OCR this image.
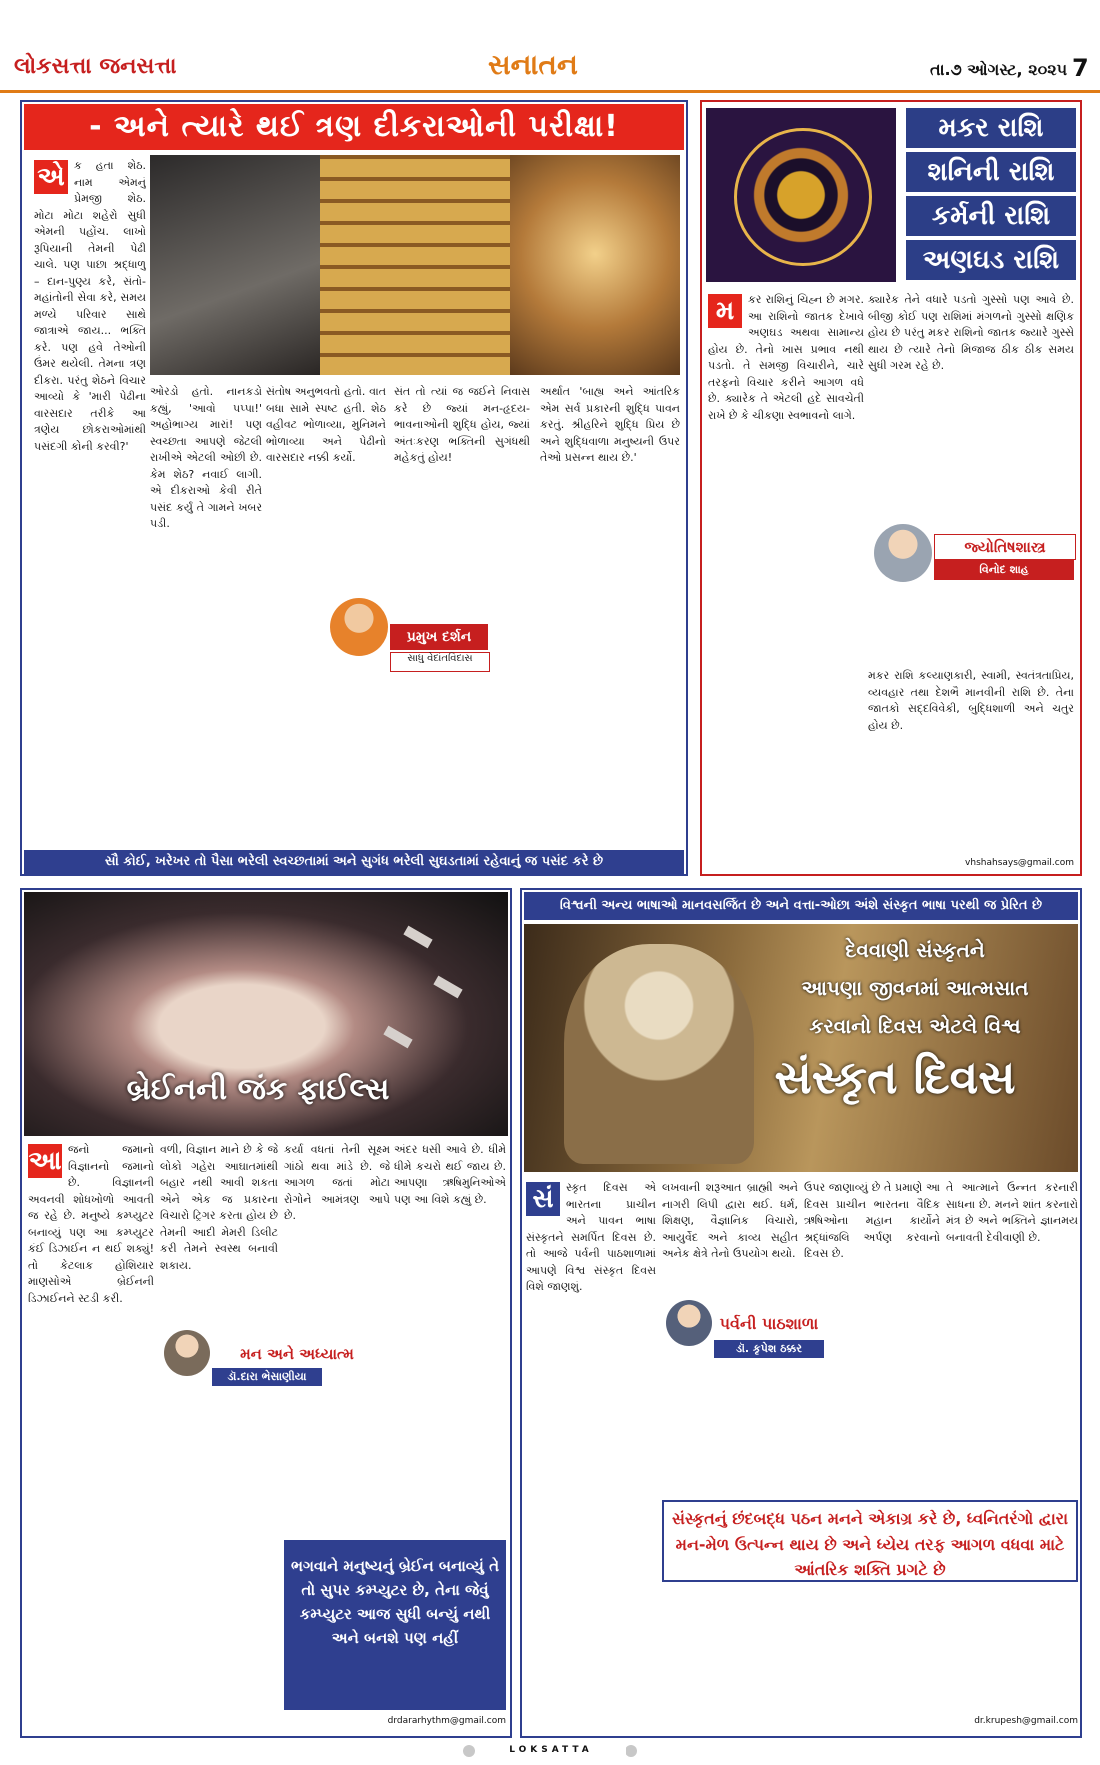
લોકસત્તા જનસત્તા	સનાતન	તા.૭ ઓગસ્ટ, ૨૦૨૫ 7
- અને ત્યારે થઈ ત્રણ દીકરાઓની પરીક્ષા!
એ ક હતા શેઠ. નામ એમનું પ્રેમજી શેઠ. મોટા મોટા શહેરો સુધી એમની પહોંચ. લાખો રૂપિયાની તેમની પેઢી ચાલે. પણ પાછા શ્રદ્ધાળુ – દાન-પુણ્ય કરે, સંતો-મહાંતોની સેવા કરે, સમય મળ્યે પરિવાર સાથે જાત્રાએ જાય... ભક્તિ કરે. પણ હવે તેઓની ઉંમર થયેલી. તેમના ત્રણ દીકરા. પરંતુ શેઠને વિચાર આવ્યો કે 'મારી પેઢીના વારસદાર તરીકે આ ત્રણેય છોકરાઓમાંથી પસંદગી કોની કરવી?'

ઓરડો હતો. નાનકડો કહ્યું, 'આવો પપ્પા!' અહોભાગ્ય મારાં! પણ સ્વચ્છતા આપણે જેટલી રાખીએ એટલી ઓછી છે. કેમ શેઠ? નવાઈ લાગી. એ દીકરાઓ કેવી રીતે પસંદ કર્યું તે ગામને ખબર પડી.

સંતોષ અનુભવતો હતો. વાત બધા સામે સ્પષ્ટ હતી. શેઠ વહીવટ ભોળાવ્યા, મુનિમને ભોળાવ્યા અને પેઢીનો વારસદાર નક્કી કર્યો.

સંત તો ત્યાં જ જઈને નિવાસ કરે છે જ્યાં મન-હૃદય-ભાવનાઓની શુદ્ધિ હોય, જ્યાં અંતઃકરણ ભક્તિની સુગંધથી મહેકતું હોય!

અર્થાત 'બાહ્ય અને આંતરિક એમ સર્વ પ્રકારની શુદ્ધિ પાવન કરતું. શ્રીહરિને શુદ્ધિ પ્રિય છે અને શુદ્ધિવાળા મનુષ્યની ઉપર તેઓ પ્રસન્ન થાય છે.'

પ્રમુખ દર્શન
સાધુ વેદાંતવિદાસ
સૌ કોઈ, ખરેખર તો પૈસા ભરેલી સ્વચ્છતામાં અને સુગંધ ભરેલી સુઘડતામાં રહેવાનું જ પસંદ કરે છે
મકર રાશિ
શનિની રાશિ
કર્મની રાશિ
અણઘડ રાશિ
મ	કર રાશિનું ચિહ્ન છે મગર. આ રાશિનો જાતક દેખાવે અણઘડ અથવા સામાન્ય હોય છે. તેનો ખાસ પ્રભાવ નથી પડતો. તે સમજી વિચારીને, ચારે તરફનો વિચાર કરીને આગળ વધે છે. ક્યારેક તે એટલી હદે સાવચેતી રાખે છે કે ચીકણા સ્વભાવનો લાગે.

ક્યારેક તેને વધારે પડતો ગુસ્સો પણ આવે છે. બીજી કોઈ પણ રાશિમાં મંગળનો ગુસ્સો ક્ષણિક હોય છે પરંતુ મકર રાશિનો જાતક જ્યારે ગુસ્સે થાય છે ત્યારે તેનો મિજાજ ઠીક ઠીક સમય સુધી ગરમ રહે છે.

જ્યોતિષશાસ્ત્ર
વિનોદ શાહ

મકર રાશિ કલ્યાણકારી, સ્વામી, સ્વતંત્રતાપ્રિય, વ્યવહાર તથા દેશભૈ માનવીની રાશિ છે. તેના જાતકો સદ્દવિવેકી, બુદ્ધિશાળી અને ચતુર હોય છે.

vhshahsays@gmail.com
બ્રેઈનની જંક ફાઈલ્સ
આ જનો જમાનો વિજ્ઞાનનો જમાનો છે. વિજ્ઞાનની અવનવી શોધખોળો આવતી જ રહે છે. મનુષ્યે કમ્પ્યુટર બનાવ્યું પણ આ કમ્પ્યુટર કંઈ ડિઝાઈન ન થઈ શક્યું! તો કેટલાક હોશિયાર માણસોએ બ્રેઈનની ડિઝાઈનને સ્ટડી કરી.

વળી, વિજ્ઞાન માને છે કે જે લોકો ગહેરા આઘાતમાંથી બહાર નથી આવી શકતા એને એક જ પ્રકારના વિચારો ટ્રિગર કરતા હોય છે તેમની આદી મેમરી ડિલીટ કરી તેમને સ્વસ્થ બનાવી શકાય.

કર્યા વધતાં તેની સૂક્ષ્મ ગાંઠો થવા માંડે છે. જે આગળ જતાં મોટા રોગોને આમંત્રણ આપે છે.

અંદર ધસી આવે છે. ધીમે ધીમે કચરો થઈ જાય છે. આપણા ઋષિમુનિઓએ પણ આ વિશે કહ્યું છે.

મન અને અધ્યાત્મ
ડૉ.દારા ભેસાણીયા
ભગવાને મનુષ્યનું બ્રેઈન બનાવ્યું તે તો સુપર કમ્પ્યુટર છે, તેના જેવું કમ્પ્યુટર આજ સુધી બન્યું નથી અને બનશે પણ નહીં
drdararhythm@gmail.com
વિશ્વની અન્ય ભાષાઓ માનવસર્જિત છે અને વત્તા-ઓછા અંશે સંસ્કૃત ભાષા પરથી જ પ્રેરિત છે
દેવવાણી સંસ્કૃતને
આપણા જીવનમાં આત્મસાત
કરવાનો દિવસ એટલે વિશ્વ
સંસ્કૃત દિવસ
સં	સ્કૃત દિવસ એ ભારતના પ્રાચીન અને પાવન ભાષા સંસ્કૃતને સમર્પિત દિવસ છે. તો આજે પર્વની પાઠશાળામાં આપણે વિશ્વ સંસ્કૃત દિવસ વિશે જાણશું.

લખવાની શરૂઆત બ્રાહ્મી અને નાગરી લિપી દ્વારા થઈ. ધર્મ, શિક્ષણ, વૈજ્ઞાનિક વિચારો, આયુર્વેદ અને કાવ્ય સહીત અનેક ક્ષેત્રે તેનો ઉપયોગ થયો.

ઉપર જાણાવ્યું છે તે પ્રમાણે આ દિવસ પ્રાચીન ભારતના વૈદિક ઋષિઓના મહાન કાર્યોને શ્રદ્ધાંજલિ અર્પણ કરવાનો દિવસ છે.

તે આત્માને ઉન્નત કરનારી સાધના છે. મનને શાંત કરનારો મંત્ર છે અને ભક્તિને જ્ઞાનમય બનાવતી દેવીવાણી છે.

પર્વની પાઠશાળા
ડૉ. કૃપેશ ઠક્કર
સંસ્કૃતનું છંદબદ્ધ પઠન મનને એકાગ્ર કરે છે, ધ્વનિતરંગો દ્વારા મન-મેળ ઉત્પન્ન થાય છે અને ધ્યેય તરફ આગળ વધવા માટે આંતરિક શક્તિ પ્રગટે છે
dr.krupesh@gmail.com
LOKSATTA
